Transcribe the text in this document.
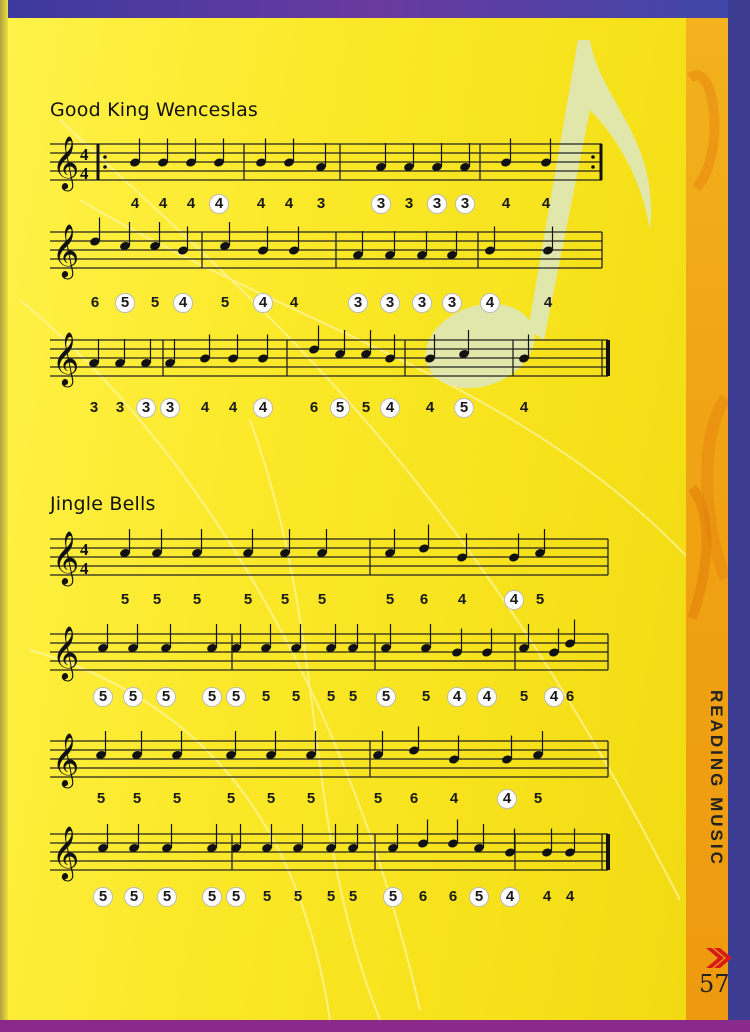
READING MUSIC
57
Good King Wenceslas
Jingle Bells
𝄞 4
4
𝄞
𝄞
𝄞 4
4
𝄞
𝄞
𝄞
4	4	4	4	4	4	3	3	3	3	3	4	4
6	5	5	4	5	4	4	3	3	3	3	4	4
3	3	3	3	4	4	4	6	5	5	4	4	5	4
5	5	5	5	5	5	5	6	4	4	5
5	5	5	5	5	5	5	5 5	5	5	4	4	5	4 6
5	5	5	5	5	5	5	6	4	4	5
5	5	5	5	5	5	5	5 5	5	6	6	5	4	4 4
